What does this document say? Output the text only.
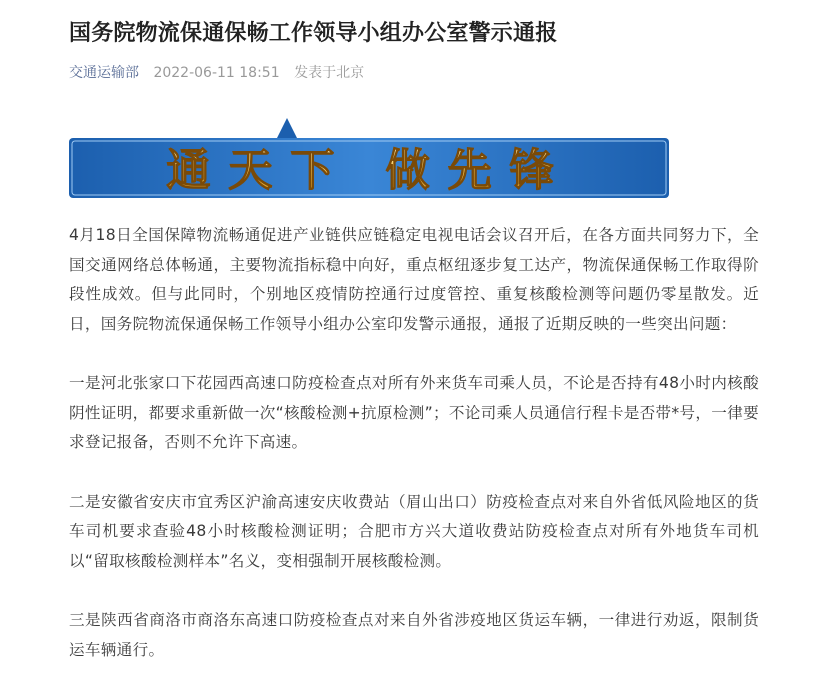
国务院物流保通保畅工作领导小组办公室警示通报
交通运输部 2022-06-11 18:51 发表于北京
通天下 做先锋

4月18日全国保障物流畅通促进产业链供应链稳定电视电话会议召开后，在各方面共同努力下，全国交通网络总体畅通，主要物流指标稳中向好，重点枢纽逐步复工达产，物流保通保畅工作取得阶段性成效。但与此同时，个别地区疫情防控通行过度管控、重复核酸检测等问题仍零星散发。近日，国务院物流保通保畅工作领导小组办公室印发警示通报，通报了近期反映的一些突出问题：

一是河北张家口下花园西高速口防疫检查点对所有外来货车司乘人员，不论是否持有48小时内核酸阴性证明，都要求重新做一次“核酸检测+抗原检测”；不论司乘人员通信行程卡是否带*号，一律要求登记报备，否则不允许下高速。

二是安徽省安庆市宜秀区沪渝高速安庆收费站（眉山出口）防疫检查点对来自外省低风险地区的货车司机要求查验48小时核酸检测证明；合肥市方兴大道收费站防疫检查点对所有外地货车司机以“留取核酸检测样本”名义，变相强制开展核酸检测。

三是陕西省商洛市商洛东高速口防疫检查点对来自外省涉疫地区货运车辆，一律进行劝返，限制货运车辆通行。
